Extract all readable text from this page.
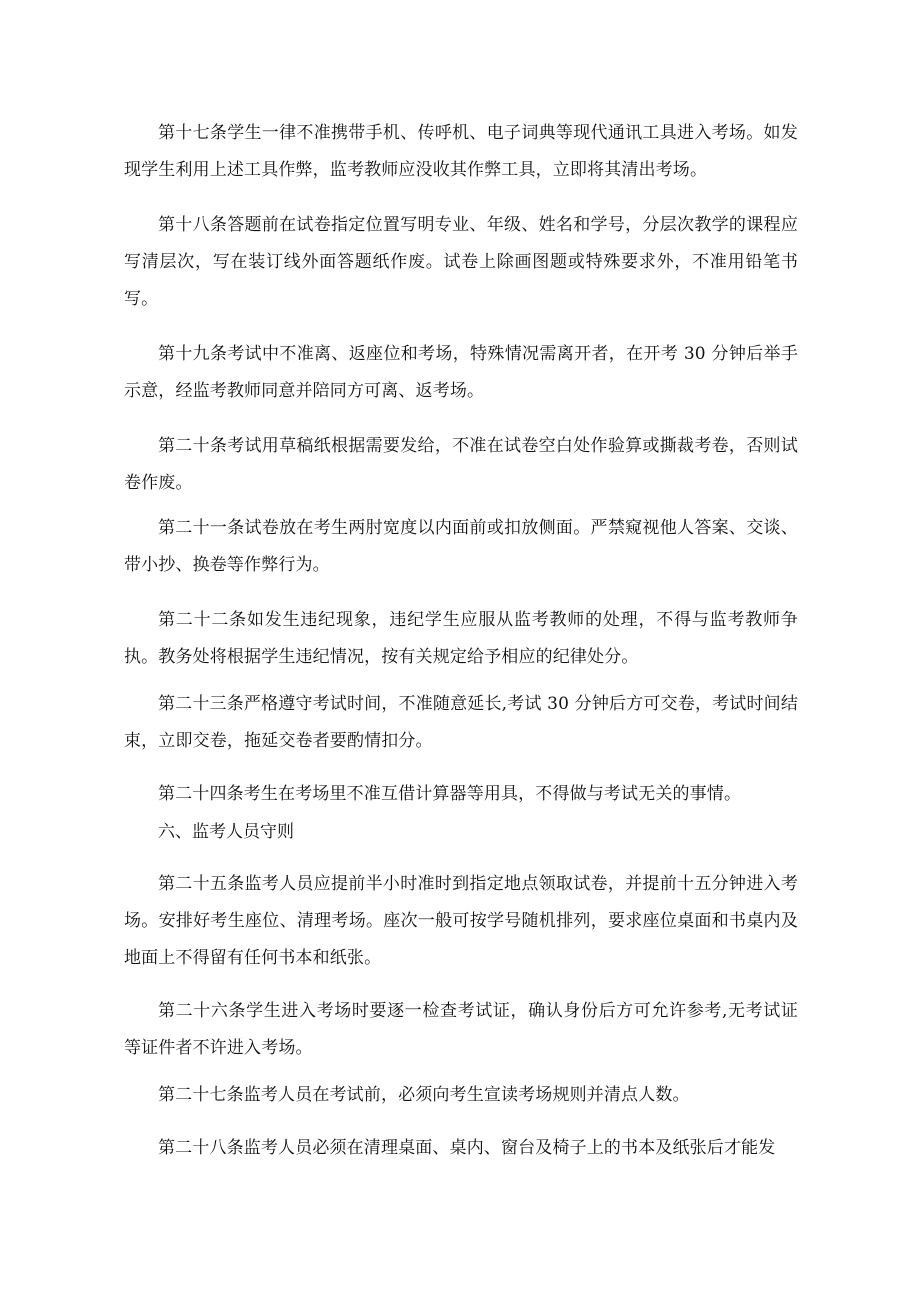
第十七条学生一律不准携带手机、传呼机、电子词典等现代通讯工具进入考场。如发现学生利用上述工具作弊，监考教师应没收其作弊工具，立即将其清出考场。

第十八条答题前在试卷指定位置写明专业、年级、姓名和学号，分层次教学的课程应写清层次，写在装订线外面答题纸作废。试卷上除画图题或特殊要求外，不准用铅笔书写。

第十九条考试中不准离、返座位和考场，特殊情况需离开者，在开考 30 分钟后举手示意，经监考教师同意并陪同方可离、返考场。

第二十条考试用草稿纸根据需要发给，不准在试卷空白处作验算或撕裁考卷，否则试卷作废。

第二十一条试卷放在考生两肘宽度以内面前或扣放侧面。严禁窥视他人答案、交谈、带小抄、换卷等作弊行为。

第二十二条如发生违纪现象，违纪学生应服从监考教师的处理，不得与监考教师争执。教务处将根据学生违纪情况，按有关规定给予相应的纪律处分。

第二十三条严格遵守考试时间，不准随意延长,考试 30 分钟后方可交卷，考试时间结束，立即交卷，拖延交卷者要酌情扣分。

第二十四条考生在考场里不准互借计算器等用具，不得做与考试无关的事情。

六、监考人员守则

第二十五条监考人员应提前半小时准时到指定地点领取试卷，并提前十五分钟进入考场。安排好考生座位、清理考场。座次一般可按学号随机排列，要求座位桌面和书桌内及地面上不得留有任何书本和纸张。

第二十六条学生进入考场时要逐一检查考试证，确认身份后方可允许参考,无考试证等证件者不许进入考场。

第二十七条监考人员在考试前，必须向考生宣读考场规则并清点人数。

第二十八条监考人员必须在清理桌面、桌内、窗台及椅子上的书本及纸张后才能发
